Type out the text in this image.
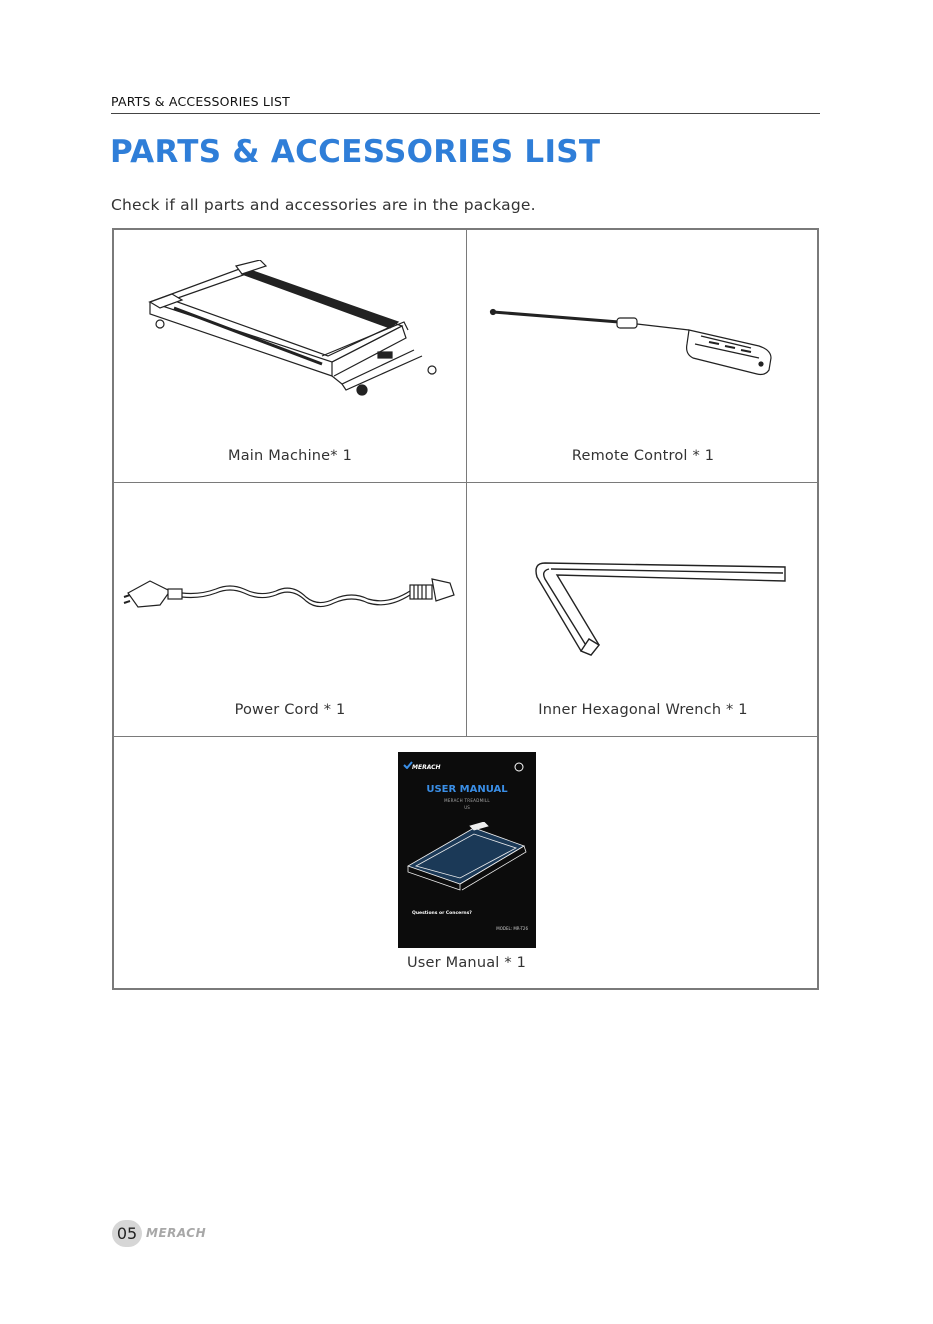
PARTS & ACCESSORIES LIST
PARTS & ACCESSORIES LIST
Check if all parts and accessories are in the package.
Main Machine* 1	Remote Control * 1
Power Cord * 1	Inner Hexagonal Wrench * 1
MERACH
USER MANUAL
MERACH TREADMILL
US
Questions or Concerns?
MODEL: MR-T26
User Manual * 1
05 MERACH
